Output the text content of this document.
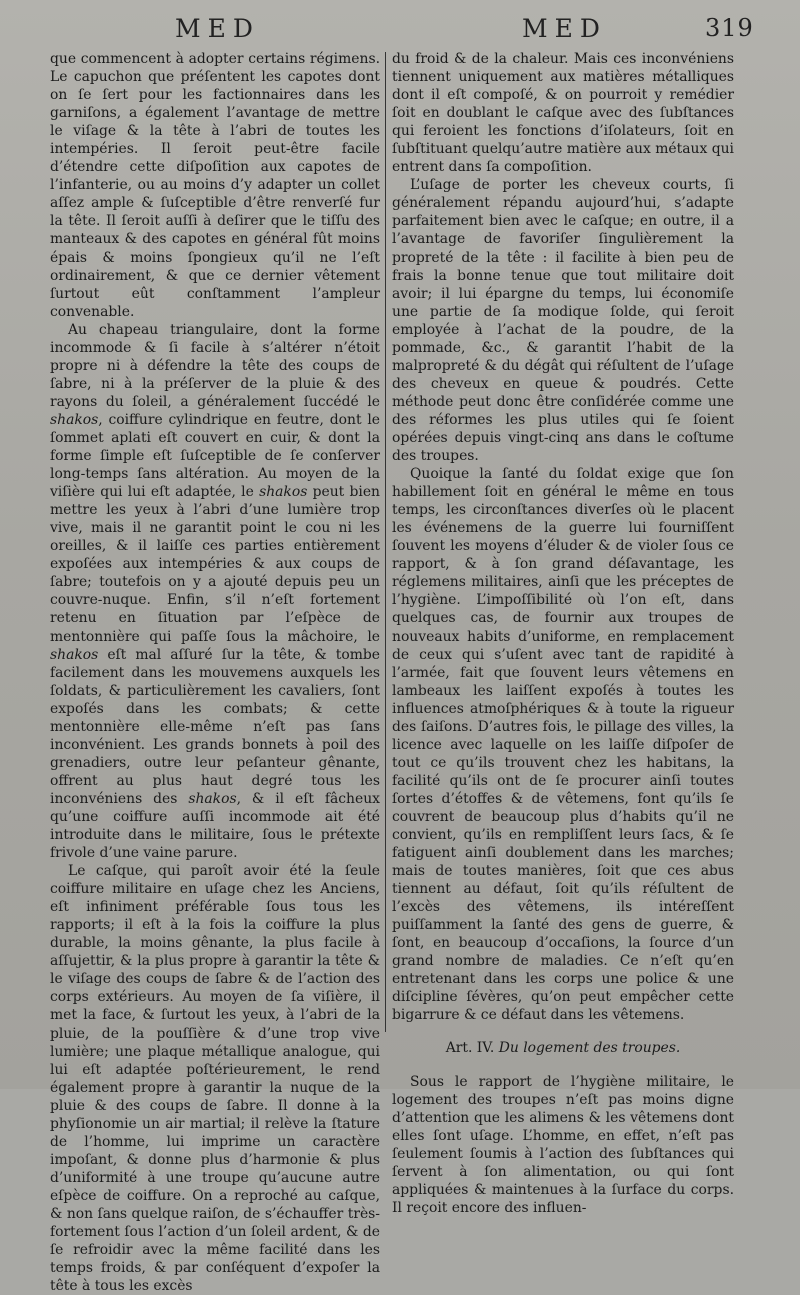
MED	MED	319

que commencent à adopter certains régimens. Le capuchon que préſentent les capotes dont on ſe ſert pour les factionnaires dans les garniſons, a également l’avantage de mettre le viſage & la tête à l’abri de toutes les intempéries. Il ſeroit peut-être facile d’étendre cette diſpoſition aux capotes de l’infanterie, ou au moins d’y adapter un collet aſſez ample & ſuſceptible d’être renverſé fur la tête. Il ſeroit auſſi à deſirer que le tiſſu des manteaux & des capotes en général fût moins épais & moins ſpongieux qu’il ne l’eſt ordinairement, & que ce dernier vêtement ſurtout eût conſtamment l’ampleur convenable.

Au chapeau triangulaire, dont la forme incommode & ſi facile à s’altérer n’étoit propre ni à défendre la tête des coups de ſabre, ni à la préſerver de la pluie & des rayons du ſoleil, a généralement ſuccédé le shakos, coiffure cylindrique en feutre, dont le ſommet aplati eſt couvert en cuir, & dont la forme ſimple eſt ſuſceptible de ſe conſerver long-temps ſans altération. Au moyen de la viſière qui lui eſt adaptée, le shakos peut bien mettre les yeux à l’abri d’une lumière trop vive, mais il ne garantit point le cou ni les oreilles, & il laiſſe ces parties entièrement expoſées aux intempéries & aux coups de ſabre; toutefois on y a ajouté depuis peu un couvre-nuque. Enfin, s’il n’eſt fortement retenu en ſituation par l’eſpèce de mentonnière qui paſſe ſous la mâchoire, le shakos eſt mal aſſuré ſur la tête, & tombe facilement dans les mouvemens auxquels les ſoldats, & particulièrement les cavaliers, ſont expoſés dans les combats; & cette mentonnière elle-même n’eſt pas ſans inconvénient. Les grands bonnets à poil des grenadiers, outre leur peſanteur gênante, offrent au plus haut degré tous les inconvéniens des shakos, & il eſt fâcheux qu’une coiffure auſſi incommode ait été introduite dans le militaire, ſous le prétexte frivole d’une vaine parure.

Le caſque, qui paroît avoir été la ſeule coiffure militaire en uſage chez les Anciens, eſt infiniment préférable ſous tous les rapports; il eſt à la fois la coiffure la plus durable, la moins gênante, la plus facile à aſſujettir, & la plus propre à garantir la tête & le viſage des coups de ſabre & de l’action des corps extérieurs. Au moyen de ſa viſière, il met la face, & ſurtout les yeux, à l’abri de la pluie, de la pouſſière & d’une trop vive lumière; une plaque métallique analogue, qui lui eſt adaptée poſtérieurement, le rend également propre à garantir la nuque de la pluie & des coups de ſabre. Il donne à la phyſionomie un air martial; il relève la ſtature de l’homme, lui imprime un caractère impoſant, & donne plus d’harmonie & plus d’uniformité à une troupe qu’aucune autre eſpèce de coiffure. On a reproché au caſque, & non ſans quelque raiſon, de s’échauffer très-fortement ſous l’action d’un ſoleil ardent, & de ſe refroidir avec la même facilité dans les temps froids, & par conſéquent d’expoſer la tête à tous les excès

du froid & de la chaleur. Mais ces inconvéniens tiennent uniquement aux matières métalliques dont il eſt compoſé, & on pourroit y remédier ſoit en doublant le caſque avec des ſubſtances qui feroient les fonctions d’iſolateurs, ſoit en ſubſtituant quelqu’autre matière aux métaux qui entrent dans ſa compoſition.

L’uſage de porter les cheveux courts, ſi généralement répandu aujourd’hui, s’adapte parfaitement bien avec le caſque; en outre, il a l’avantage de favoriſer ſingulièrement la propreté de la tête : il facilite à bien peu de frais la bonne tenue que tout militaire doit avoir; il lui épargne du temps, lui économiſe une partie de ſa modique ſolde, qui ſeroit employée à l’achat de la poudre, de la pommade, &c., & garantit l’habit de la malpropreté & du dégât qui réſultent de l’uſage des cheveux en queue & poudrés. Cette méthode peut donc être conſidérée comme une des réformes les plus utiles qui ſe ſoient opérées depuis vingt-cinq ans dans le coſtume des troupes.

Quoique la ſanté du ſoldat exige que ſon habillement ſoit en général le même en tous temps, les circonſtances diverſes où le placent les événemens de la guerre lui fourniſſent ſouvent les moyens d’éluder & de violer ſous ce rapport, & à ſon grand déſavantage, les réglemens militaires, ainſi que les préceptes de l’hygiène. L’impoſſibilité où l’on eſt, dans quelques cas, de fournir aux troupes de nouveaux habits d’uniforme, en remplacement de ceux qui s’uſent avec tant de rapidité à l’armée, fait que ſouvent leurs vêtemens en lambeaux les laiſſent expoſés à toutes les influences atmoſphériques & à toute la rigueur des ſaiſons. D’autres fois, le pillage des villes, la licence avec laquelle on les laiſſe diſpoſer de tout ce qu’ils trouvent chez les habitans, la facilité qu’ils ont de ſe procurer ainſi toutes ſortes d’étoffes & de vêtemens, font qu’ils ſe couvrent de beaucoup plus d’habits qu’il ne convient, qu’ils en rempliſſent leurs ſacs, & ſe fatiguent ainſi doublement dans les marches; mais de toutes manières, ſoit que ces abus tiennent au défaut, ſoit qu’ils réſultent de l’excès des vêtemens, ils intéreſſent puiſſamment la ſanté des gens de guerre, & ſont, en beaucoup d’occaſions, la ſource d’un grand nombre de maladies. Ce n’eſt qu’en entretenant dans les corps une police & une diſcipline ſévères, qu’on peut empêcher cette bigarrure & ce défaut dans les vêtemens.

Art. IV. Du logement des troupes.

Sous le rapport de l’hygiène militaire, le logement des troupes n’eſt pas moins digne d’attention que les alimens & les vêtemens dont elles ſont uſage. L’homme, en effet, n’eſt pas ſeulement ſoumis à l’action des ſubſtances qui ſervent à ſon alimentation, ou qui ſont appliquées & maintenues à la ſurface du corps. Il reçoit encore des influen-
